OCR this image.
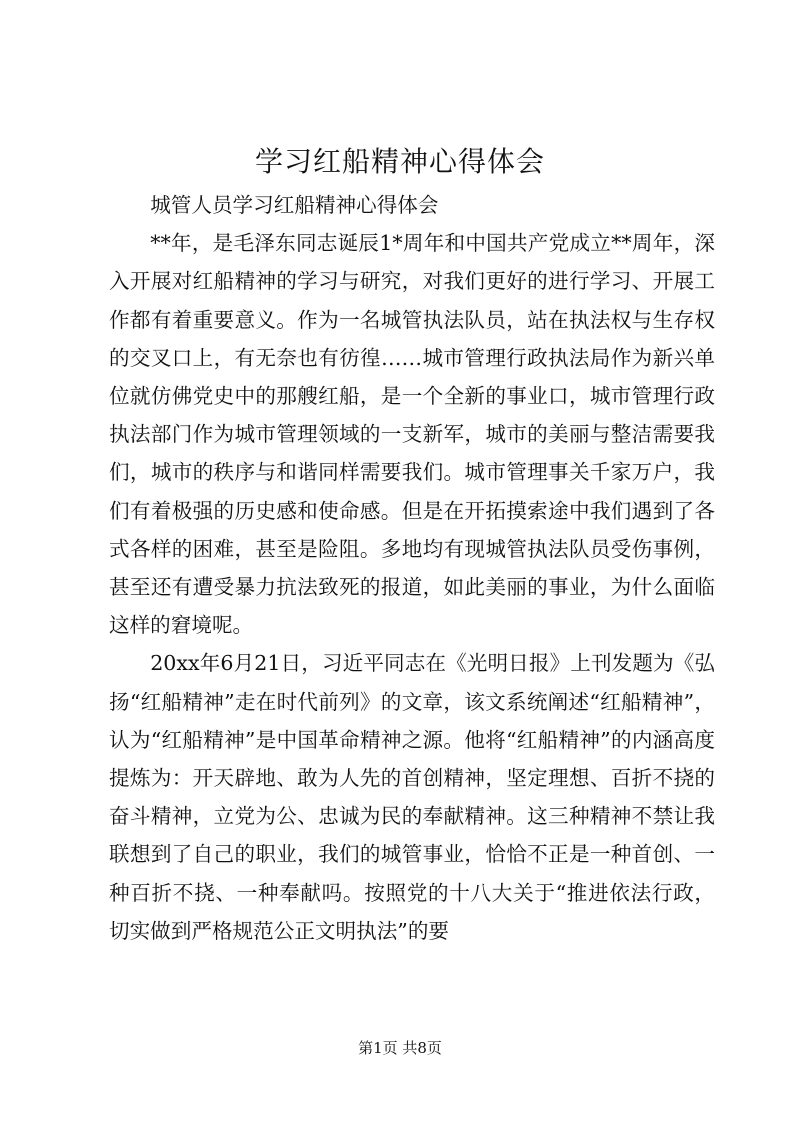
学习红船精神心得体会

城管人员学习红船精神心得体会

**年，是毛泽东同志诞辰1*周年和中国共产党成立**周年，深入开展对红船精神的学习与研究，对我们更好的进行学习、开展工作都有着重要意义。作为一名城管执法队员，站在执法权与生存权的交叉口上，有无奈也有彷徨……城市管理行政执法局作为新兴单位就仿佛党史中的那艘红船，是一个全新的事业口，城市管理行政执法部门作为城市管理领域的一支新军，城市的美丽与整洁需要我们，城市的秩序与和谐同样需要我们。城市管理事关千家万户，我们有着极强的历史感和使命感。但是在开拓摸索途中我们遇到了各式各样的困难，甚至是险阻。多地均有现城管执法队员受伤事例，甚至还有遭受暴力抗法致死的报道，如此美丽的事业，为什么面临这样的窘境呢。

20xx年6月21日，习近平同志在《光明日报》上刊发题为《弘扬“红船精神”走在时代前列》的文章，该文系统阐述“红船精神”，认为“红船精神”是中国革命精神之源。他将“红船精神”的内涵高度提炼为：开天辟地、敢为人先的首创精神，坚定理想、百折不挠的奋斗精神，立党为公、忠诚为民的奉献精神。这三种精神不禁让我联想到了自己的职业，我们的城管事业，恰恰不正是一种首创、一种百折不挠、一种奉献吗。按照党的十八大关于“推进依法行政，切实做到严格规范公正文明执法”的要

第1页 共8页
